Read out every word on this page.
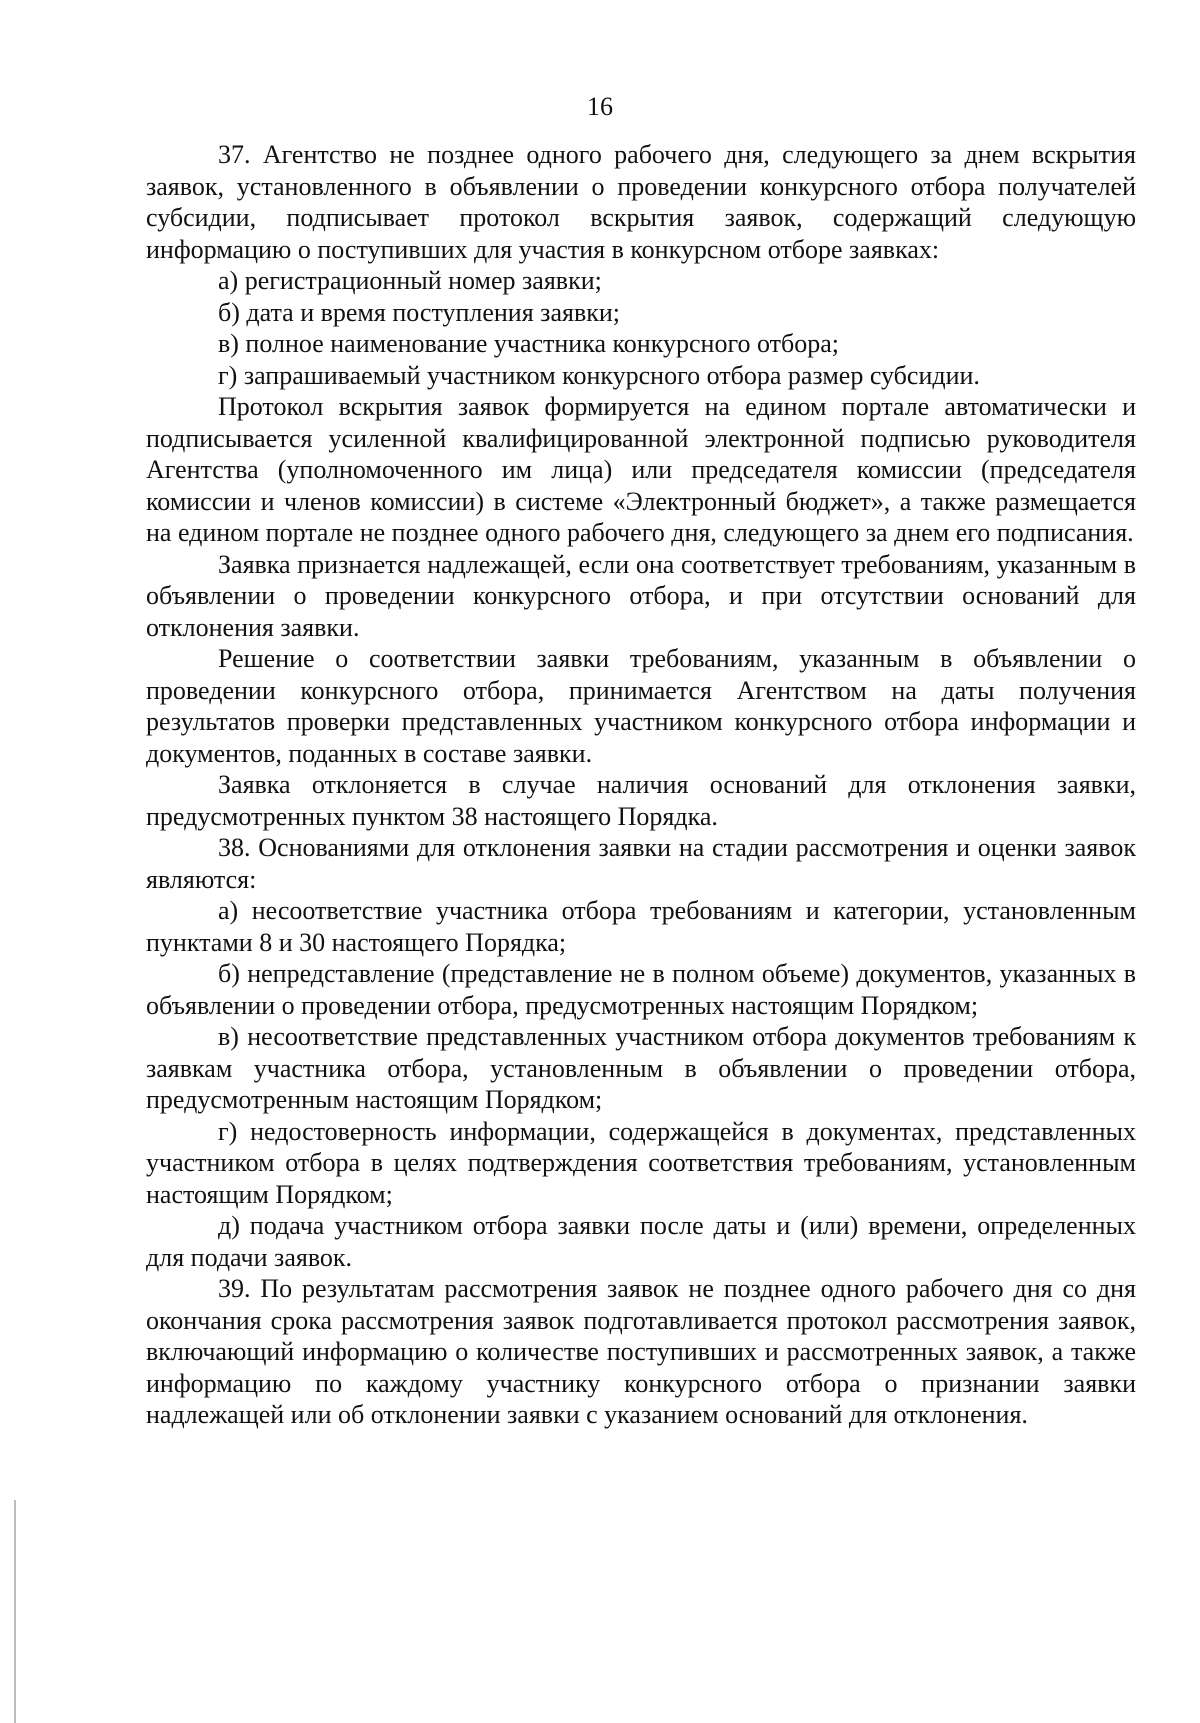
16

37. Агентство не позднее одного рабочего дня, следующего за днем вскрытия заявок, установленного в объявлении о проведении конкурсного отбора получателей субсидии, подписывает протокол вскрытия заявок, содержащий следующую информацию о поступивших для участия в конкурсном отборе заявках:

а) регистрационный номер заявки;

б) дата и время поступления заявки;

в) полное наименование участника конкурсного отбора;

г) запрашиваемый участником конкурсного отбора размер субсидии.

Протокол вскрытия заявок формируется на едином портале автоматически и подписывается усиленной квалифицированной электронной подписью руководителя Агентства (уполномоченного им лица) или председателя комиссии (председателя комиссии и членов комиссии) в системе «Электронный бюджет», а также размещается на едином портале не позднее одного рабочего дня, следующего за днем его подписания.

Заявка признается надлежащей, если она соответствует требованиям, указанным в объявлении о проведении конкурсного отбора, и при отсутствии оснований для отклонения заявки.

Решение о соответствии заявки требованиям, указанным в объявлении о проведении конкурсного отбора, принимается Агентством на даты получения результатов проверки представленных участником конкурсного отбора информации и документов, поданных в составе заявки.

Заявка отклоняется в случае наличия оснований для отклонения заявки, предусмотренных пунктом 38 настоящего Порядка.

38. Основаниями для отклонения заявки на стадии рассмотрения и оценки заявок являются:

а) несоответствие участника отбора требованиям и категории, установленным пунктами 8 и 30 настоящего Порядка;

б) непредставление (представление не в полном объеме) документов, указанных в объявлении о проведении отбора, предусмотренных настоящим Порядком;

в) несоответствие представленных участником отбора документов требованиям к заявкам участника отбора, установленным в объявлении о проведении отбора, предусмотренным настоящим Порядком;

г) недостоверность информации, содержащейся в документах, представленных участником отбора в целях подтверждения соответствия требованиям, установленным настоящим Порядком;

д) подача участником отбора заявки после даты и (или) времени, определенных для подачи заявок.

39. По результатам рассмотрения заявок не позднее одного рабочего дня со дня окончания срока рассмотрения заявок подготавливается протокол рассмотрения заявок, включающий информацию о количестве поступивших и рассмотренных заявок, а также информацию по каждому участнику конкурсного отбора о признании заявки надлежащей или об отклонении заявки с указанием оснований для отклонения.
